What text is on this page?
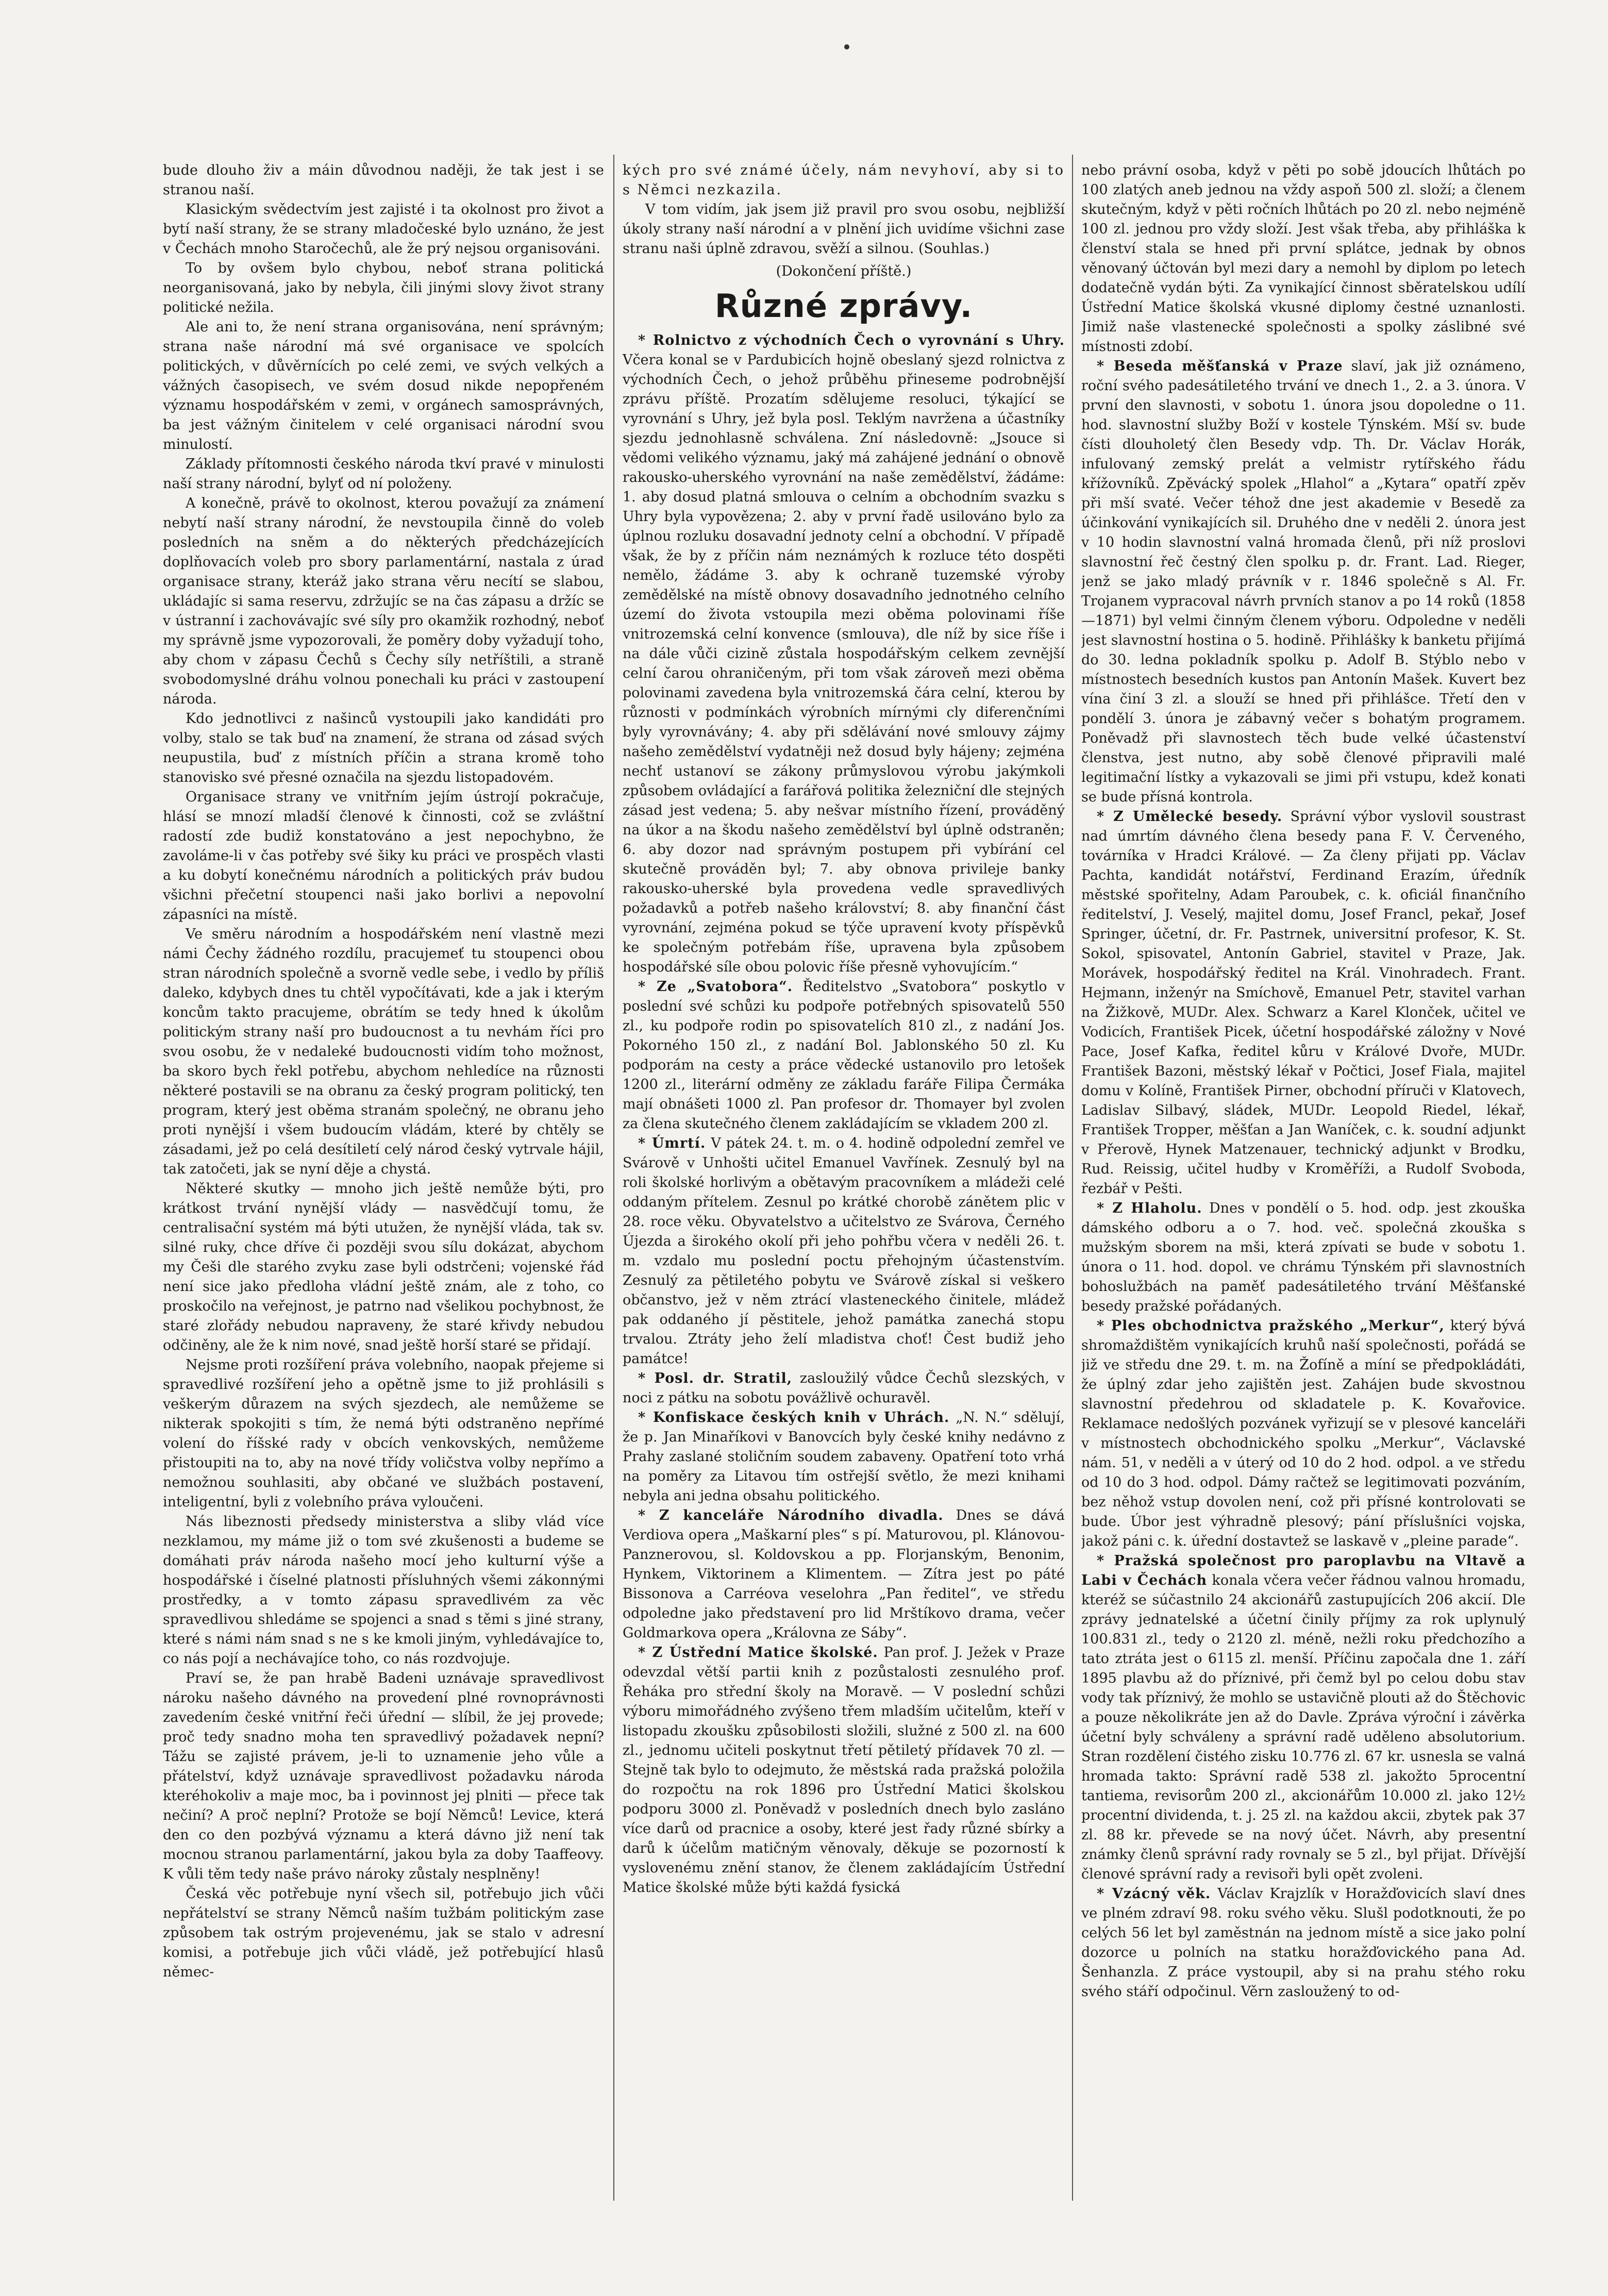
bude dlouho živ a máin důvodnou naději, že tak jest i se stranou naší.

Klasickým svědectvím jest zajisté i ta okolnost pro život a bytí naší strany, že se strany mladočeské bylo uznáno, že jest v Čechách mnoho Staročechů, ale že prý nejsou organisováni.

To by ovšem bylo chybou, neboť strana politická neorganisovaná, jako by nebyla, čili jinými slovy život strany politické nežila.

Ale ani to, že není strana organisována, není správným; strana naše národní má své organisace ve spolcích politických, v důvěrnících po celé zemi, ve svých velkých a vážných časopisech, ve svém dosud nikde nepopřeném významu hospodářském v zemi, v orgánech samosprávných, ba jest vážným činitelem v celé organisaci národní svou minulostí.

Základy přítomnosti českého národa tkví pravé v minulosti naší strany národní, bylyť od ní položeny.

A konečně, právě to okolnost, kterou považují za známení nebytí naší strany národní, že nevstoupila činně do voleb posledních na sněm a do některých předcházejících doplňovacích voleb pro sbory parlamentární, nastala z úrad organisace strany, kteráž jako strana věru necítí se slabou, ukládajíc si sama reservu, zdržujíc se na čas zápasu a držíc se v ústranní i zachovávajíc své síly pro okamžik rozhodný, neboť my správně jsme vypozorovali, že poměry doby vyžadují toho, aby chom v zápasu Čechů s Čechy síly netříštili, a straně svobodomyslné dráhu volnou ponechali ku práci v zastoupení národa.

Kdo jednotlivci z našinců vystoupili jako kandidáti pro volby, stalo se tak buď na znamení, že strana od zásad svých neupustila, buď z místních příčin a strana kromě toho stanovisko své přesné označila na sjezdu listopadovém.

Organisace strany ve vnitřním jejím ústrojí pokračuje, hlásí se mnozí mladší členové k činnosti, což se zvláštní radostí zde budiž konstatováno a jest nepochybno, že zavoláme-li v čas potřeby své šiky ku práci ve prospěch vlasti a ku dobytí konečnému národních a politických práv budou všichni přečetní stoupenci naši jako borlivi a nepovolní zápasníci na místě.

Ve směru národním a hospodářském není vlastně mezi námi Čechy žádného rozdílu, pracujemeť tu stoupenci obou stran národních společně a svorně vedle sebe, i vedlo by příliš daleko, kdybych dnes tu chtěl vypočítávati, kde a jak i kterým koncům takto pracujeme, obrátím se tedy hned k úkolům politickým strany naší pro budoucnost a tu nevhám říci pro svou osobu, že v nedaleké budoucnosti vidím toho možnost, ba skoro bych řekl potřebu, abychom nehledíce na různosti některé postavili se na obranu za český program politický, ten program, který jest oběma stranám společný, ne obranu jeho proti nynější i všem budoucím vládám, které by chtěly se zásadami, jež po celá desítiletí celý národ český vytrvale hájil, tak zatočeti, jak se nyní děje a chystá.

Některé skutky — mnoho jich ještě nemůže býti, pro krátkost trvání nynější vlády — nasvědčují tomu, že centralisační systém má býti utužen, že nynější vláda, tak sv. silné ruky, chce dříve či později svou sílu dokázat, abychom my Češi dle starého zvyku zase byli odstrčeni; vojenské řád není sice jako předloha vládní ještě znám, ale z toho, co proskočilo na veřejnost, je patrno nad všelikou pochybnost, že staré zlořády nebudou napraveny, že staré křivdy nebudou odčiněny, ale že k nim nové, snad ještě horší staré se přidají.

Nejsme proti rozšíření práva volebního, naopak přejeme si spravedlivé rozšíření jeho a opětně jsme to již prohlásili s veškerým důrazem na svých sjezdech, ale nemůžeme se nikterak spokojiti s tím, že nemá býti odstraněno nepřímé volení do říšské rady v obcích venkovských, nemůžeme přistoupiti na to, aby na nové třídy voličstva volby nepřímo a nemožnou souhlasiti, aby občané ve službách postavení, inteligentní, byli z volebního práva vyloučeni.

Nás libeznosti předsedy ministerstva a sliby vlád více nezklamou, my máme již o tom své zkušenosti a budeme se domáhati práv národa našeho mocí jeho kulturní výše a hospodářské i číselné platnosti přísluhných všemi zákonnými prostředky, a v tomto zápasu spravedlivém za věc spravedlivou shledáme se spojenci a snad s těmi s jiné strany, které s námi nám snad s ne s ke kmoli jiným, vyhledávajíce to, co nás pojí a nechávajíce toho, co nás rozdvojuje.

Praví se, že pan hrabě Badeni uznávaje spravedlivost nároku našeho dávného na provedení plné rovnoprávnosti zavedením české vnitřní řeči úřední — slíbil, že jej provede; proč tedy snadno moha ten spravedlivý požadavek nepní? Tážu se zajisté právem, je-li to uznamenie jeho vůle a přátelství, když uznávaje spravedlivost požadavku národa kteréhokoliv a maje moc, ba i povinnost jej plniti — přece tak nečiní? A proč neplní? Protože se bojí Němců! Levice, která den co den pozbývá významu a která dávno již není tak mocnou stranou parlamentární, jakou byla za doby Taaffeovy. K vůli těm tedy naše právo nároky zůstaly nesplněny!

Česká věc potřebuje nyní všech sil, potřebujo jich vůči nepřátelství se strany Němců naším tužbám politickým zase způsobem tak ostrým projevenému, jak se stalo v adresní komisi, a potřebuje jich vůči vládě, jež potřebující hlasů němec-

kých pro své známé účely, nám nevyhoví, aby si to s Němci nezkazila.

V tom vidím, jak jsem již pravil pro svou osobu, nejbližší úkoly strany naší národní a v plnění jich uvidíme všichni zase stranu naši úplně zdravou, svěží a silnou. (Souhlas.)

(Dokončení příště.)
Různé zprávy.

* Rolnictvo z východních Čech o vyrovnání s Uhry. Včera konal se v Pardubicích hojně obeslaný sjezd rolnictva z východních Čech, o jehož průběhu přineseme podrobnější zprávu příště. Prozatím sdělujeme resoluci, týkající se vyrovnání s Uhry, jež byla posl. Teklým navržena a účastníky sjezdu jednohlasně schválena. Zní následovně: „Jsouce si vědomi velikého významu, jaký má zahájené jednání o obnově rakousko-uherského vyrovnání na naše zemědělství, žádáme: 1. aby dosud platná smlouva o celním a obchodním svazku s Uhry byla vypovězena; 2. aby v první řadě usilováno bylo za úplnou rozluku dosavadní jednoty celní a obchodní. V případě však, že by z příčin nám neznámých k rozluce této dospěti nemělo, žádáme 3. aby k ochraně tuzemské výroby zemědělské na místě obnovy dosavadního jednotného celního území do života vstoupila mezi oběma polovinami říše vnitrozemská celní konvence (smlouva), dle níž by sice říše i na dále vůči cizině zůstala hospodářským celkem zevnější celní čarou ohraničeným, při tom však zároveň mezi oběma polovinami zavedena byla vnitrozemská čára celní, kterou by různosti v podmínkách výrobních mírnými cly diferenčními byly vyrovnávány; 4. aby při sdělávání nové smlouvy zájmy našeho zemědělství vydatněji než dosud byly hájeny; zejména nechť ustanoví se zákony průmyslovou výrobu jakýmkoli způsobem ovládající a farářová politika železniční dle stejných zásad jest vedena; 5. aby nešvar místního řízení, prováděný na úkor a na škodu našeho zemědělství byl úplně odstraněn; 6. aby dozor nad správným postupem při vybírání cel skutečně prováděn byl; 7. aby obnova privileje banky rakousko-uherské byla provedena vedle spravedlivých požadavků a potřeb našeho království; 8. aby finanční část vyrovnání, zejména pokud se týče upravení kvoty příspěvků ke společným potřebám říše, upravena byla způsobem hospodářské síle obou polovic říše přesně vyhovujícím.“

* Ze „Svatobora“. Ředitelstvo „Svatobora“ poskytlo v poslední své schůzi ku podpoře potřebných spisovatelů 550 zl., ku podpoře rodin po spisovatelích 810 zl., z nadání Jos. Pokorného 150 zl., z nadání Bol. Jablonského 50 zl. Ku podporám na cesty a práce vědecké ustanovilo pro letošek 1200 zl., literární odměny ze základu faráře Filipa Čermáka mají obnášeti 1000 zl. Pan profesor dr. Thomayer byl zvolen za člena skutečného členem zakládajícím se vkladem 200 zl.

* Úmrtí. V pátek 24. t. m. o 4. hodině odpolední zemřel ve Svárově v Unhošti učitel Emanuel Vavřínek. Zesnulý byl na roli školské horlivým a obětavým pracovníkem a mládeži celé oddaným přítelem. Zesnul po krátké chorobě zánětem plic v 28. roce věku. Obyvatelstvo a učitelstvo ze Svárova, Černého Újezda a širokého okolí při jeho pohřbu včera v neděli 26. t. m. vzdalo mu poslední poctu přehojným účastenstvím. Zesnulý za pětiletého pobytu ve Svárově získal si veškero občanstvo, jež v něm ztrácí vlasteneckého činitele, mládež pak oddaného jí pěstitele, jehož památka zanechá stopu trvalou. Ztráty jeho želí mladistva choť! Čest budiž jeho památce!

* Posl. dr. Stratil, zasloužilý vůdce Čechů slezských, v noci z pátku na sobotu povážlivě ochuravěl.

* Konfiskace českých knih v Uhrách. „N. N.“ sdělují, že p. Jan Minaříkovi v Banovcích byly české knihy nedávno z Prahy zaslané stoličním soudem zabaveny. Opatření toto vrhá na poměry za Litavou tím ostřejší světlo, že mezi knihami nebyla ani jedna obsahu politického.

* Z kanceláře Národního divadla. Dnes se dává Verdiova opera „Maškarní ples“ s pí. Maturovou, pl. Klánovou-Panznerovou, sl. Koldovskou a pp. Florjanským, Benonim, Hynkem, Viktorinem a Klimentem. — Zítra jest po páté Bissonova a Carréova veselohra „Pan ředitel“, ve středu odpoledne jako představení pro lid Mrštíkovo drama, večer Goldmarkova opera „Královna ze Sáby“.

* Z Ústřední Matice školské. Pan prof. J. Ježek v Praze odevzdal větší partii knih z pozůstalosti zesnulého prof. Řeháka pro střední školy na Moravě. — V poslední schůzi výboru mimořádného zvýšeno třem mladším učitelům, kteří v listopadu zkoušku způsobilosti složili, služné z 500 zl. na 600 zl., jednomu učiteli poskytnut třetí pětiletý přídavek 70 zl. — Stejně tak bylo to odejmuto, že městská rada pražská položila do rozpočtu na rok 1896 pro Ústřední Matici školskou podporu 3000 zl. Poněvadž v posledních dnech bylo zasláno více darů od pracnice a osoby, které jest řady různé sbírky a darů k účelům matičným věnovaly, děkuje se pozorností k vyslovenému znění stanov, že členem zakládajícím Ústřední Matice školské může býti každá fysická

nebo právní osoba, když v pěti po sobě jdoucích lhůtách po 100 zlatých aneb jednou na vždy aspoň 500 zl. složí; a členem skutečným, když v pěti ročních lhůtách po 20 zl. nebo nejméně 100 zl. jednou pro vždy složí. Jest však třeba, aby přihláška k členství stala se hned při první splátce, jednak by obnos věnovaný účtován byl mezi dary a nemohl by diplom po letech dodatečně vydán býti. Za vynikající činnost sběratelskou udílí Ústřední Matice školská vkusné diplomy čestné uznanlosti. Jimiž naše vlastenecké společnosti a spolky záslibné své místnosti zdobí.

* Beseda měšťanská v Praze slaví, jak již oznámeno, roční svého padesátiletého trvání ve dnech 1., 2. a 3. února. V první den slavnosti, v sobotu 1. února jsou dopoledne o 11. hod. slavnostní služby Boží v kostele Týnském. Mší sv. bude čísti dlouholetý člen Besedy vdp. Th. Dr. Václav Horák, infulovaný zemský prelát a velmistr rytířského řádu křížovníků. Zpěvácký spolek „Hlahol“ a „Kytara“ opatří zpěv při mší svaté. Večer téhož dne jest akademie v Besedě za účinkování vynikajících sil. Druhého dne v neděli 2. února jest v 10 hodin slavnostní valná hromada členů, při níž proslovi slavnostní řeč čestný člen spolku p. dr. Frant. Lad. Rieger, jenž se jako mladý právník v r. 1846 společně s Al. Fr. Trojanem vypracoval návrh prvních stanov a po 14 roků (1858—1871) byl velmi činným členem výboru. Odpoledne v neděli jest slavnostní hostina o 5. hodině. Přihlášky k banketu přijímá do 30. ledna pokladník spolku p. Adolf B. Stýblo nebo v místnostech besedních kustos pan Antonín Mašek. Kuvert bez vína činí 3 zl. a slouží se hned při přihlášce. Třetí den v pondělí 3. února je zábavný večer s bohatým programem. Poněvadž při slavnostech těch bude velké účastenství členstva, jest nutno, aby sobě členové připravili malé legitimační lístky a vykazovali se jimi při vstupu, kdež konati se bude přísná kontrola.

* Z Umělecké besedy. Správní výbor vyslovil soustrast nad úmrtím dávného člena besedy pana F. V. Červeného, továrníka v Hradci Králové. — Za členy přijati pp. Václav Pachta, kandidát notářství, Ferdinand Erazím, úředník městské spořitelny, Adam Paroubek, c. k. oficiál finančního ředitelství, J. Veselý, majitel domu, Josef Francl, pekař, Josef Springer, účetní, dr. Fr. Pastrnek, universitní profesor, K. St. Sokol, spisovatel, Antonín Gabriel, stavitel v Praze, Jak. Morávek, hospodářský ředitel na Král. Vinohradech. Frant. Hejmann, inženýr na Smíchově, Emanuel Petr, stavitel varhan na Žižkově, MUDr. Alex. Schwarz a Karel Klonček, učitel ve Vodicích, František Picek, účetní hospodářské záložny v Nové Pace, Josef Kafka, ředitel kůru v Králové Dvoře, MUDr. František Bazoni, městský lékař v Počtici, Josef Fiala, majitel domu v Kolíně, František Pirner, obchodní příruči v Klatovech, Ladislav Silbavý, sládek, MUDr. Leopold Riedel, lékař, František Tropper, měšťan a Jan Waníček, c. k. soudní adjunkt v Přerově, Hynek Matzenauer, technický adjunkt v Brodku, Rud. Reissig, učitel hudby v Kroměříži, a Rudolf Svoboda, řezbář v Pešti.

* Z Hlaholu. Dnes v pondělí o 5. hod. odp. jest zkouška dámského odboru a o 7. hod. več. společná zkouška s mužským sborem na mši, která zpívati se bude v sobotu 1. února o 11. hod. dopol. ve chrámu Týnském při slavnostních bohoslužbách na paměť padesátiletého trvání Měšťanské besedy pražské pořádaných.

* Ples obchodnictva pražského „Merkur“, který bývá shromaždištěm vynikajících kruhů naší společnosti, pořádá se již ve středu dne 29. t. m. na Žofíně a míní se předpokládáti, že úplný zdar jeho zajištěn jest. Zahájen bude skvostnou slavnostní předehrou od skladatele p. K. Kovařovice. Reklamace nedošlých pozvánek vyřizují se v plesové kanceláři v místnostech obchodnického spolku „Merkur“, Václavské nám. 51, v neděli a v úterý od 10 do 2 hod. odpol. a ve středu od 10 do 3 hod. odpol. Dámy račtež se legitimovati pozváním, bez něhož vstup dovolen není, což při přísné kontrolovati se bude. Úbor jest výhradně plesový; pání příslušníci vojska, jakož páni c. k. úřední dostavtež se laskavě v „pleine parade“.

* Pražská společnost pro paroplavbu na Vltavě a Labi v Čechách konala včera večer řádnou valnou hromadu, kteréž se súčastnilo 24 akcionářů zastupujících 206 akcií. Dle zprávy jednatelské a účetní činily příjmy za rok uplynulý 100.831 zl., tedy o 2120 zl. méně, nežli roku předchozího a tato ztráta jest o 6115 zl. menší. Příčinu započala dne 1. září 1895 plavbu až do příznivé, při čemž byl po celou dobu stav vody tak příznivý, že mohlo se ustavičně plouti až do Štěchovic a pouze několikráte jen až do Davle. Zpráva výroční i závěrka účetní byly schváleny a správní radě uděleno absolutorium. Stran rozdělení čistého zisku 10.776 zl. 67 kr. usnesla se valná hromada takto: Správní radě 538 zl. jakožto 5procentní tantiema, revisorům 200 zl., akcionářům 10.000 zl. jako 12½ procentní dividenda, t. j. 25 zl. na každou akcii, zbytek pak 37 zl. 88 kr. převede se na nový účet. Návrh, aby presentní známky členů správní rady rovnaly se 5 zl., byl přijat. Dřívější členové správní rady a revisoři byli opět zvoleni.

* Vzácný věk. Václav Krajzlík v Horažďovicích slaví dnes ve plném zdraví 98. roku svého věku. Slušl podotknouti, že po celých 56 let byl zaměstnán na jednom místě a sice jako polní dozorce u polních na statku horažďovického pana Ad. Šenhanzla. Z práce vystoupil, aby si na prahu stého roku svého stáří odpočinul. Věrn zasloužený to od-
